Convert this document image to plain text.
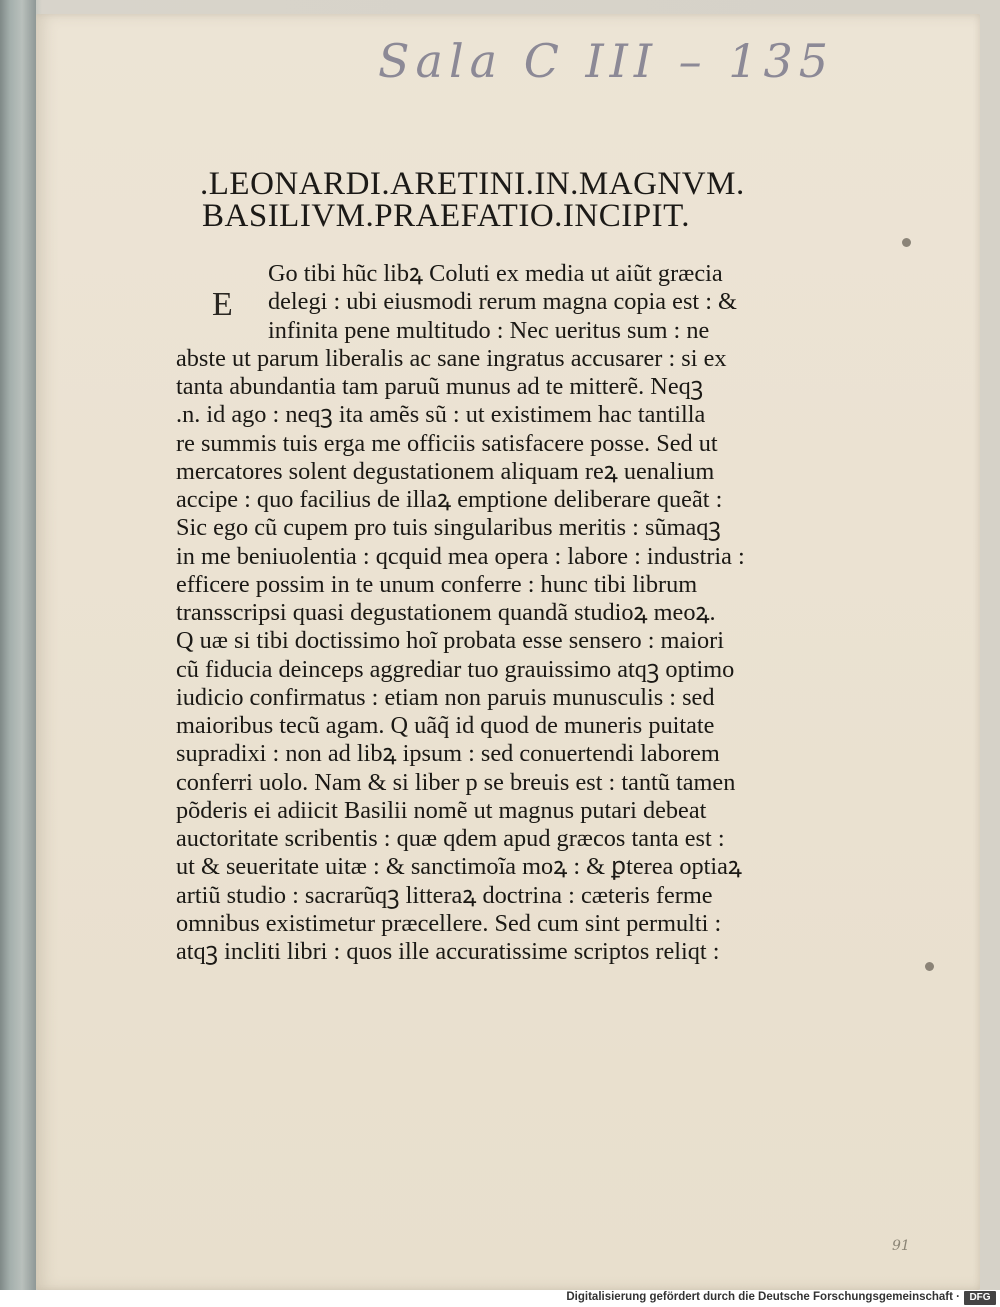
Sala C III – 135
.LEONARDI.ARETINI.IN.MAGNVM.
BASILIVM.PRAEFATIO.INCIPIT.
E
Go tibi hũc libꝝ Coluti ex media ut aiũt græcia
delegi : ubi eiusmodi rerum magna copia est : &
infinita pene multitudo : Nec ueritus sum : ne
abste ut parum liberalis ac sane ingratus accusarer : si ex
tanta abundantia tam paruũ munus ad te mitterẽ. Neqꝫ
.n. id ago : neqꝫ ita amẽs sũ : ut existimem hac tantilla
re summis tuis erga me officiis satisfacere posse. Sed ut
mercatores solent degustationem aliquam reꝝ uenalium
accipe : quo facilius de illaꝝ emptione deliberare queãt :
Sic ego cũ cupem pro tuis singularibus meritis : sũmaqꝫ
in me beniuolentia : qcquid mea opera : labore : industria :
efficere possim in te unum conferre : hunc tibi librum
transscripsi quasi degustationem quandã studioꝝ meoꝝ.
Q uæ si tibi doctissimo hoĩ probata esse sensero : maiori
cũ fiducia deinceps aggrediar tuo grauissimo atqꝫ optimo
iudicio confirmatus : etiam non paruis munusculis : sed
maioribus tecũ agam. Q uãq̃ id quod de muneris puitate
supradixi : non ad libꝝ ipsum : sed conuertendi laborem
conferri uolo. Nam & si liber p se breuis est : tantũ tamen
põderis ei adiicit Basilii nomẽ ut magnus putari debeat
auctoritate scribentis : quæ qdem apud græcos tanta est :
ut & seueritate uitæ : & sanctimoĩa moꝝ : & ꝑterea optiaꝝ
artiũ studio : sacrarũqꝫ litteraꝝ doctrina : cæteris ferme
omnibus existimetur præcellere. Sed cum sint permulti :
atqꝫ incliti libri : quos ille accuratissime scriptos reliqt :
91
Digitalisierung gefördert durch die Deutsche Forschungsgemeinschaft · DFG
